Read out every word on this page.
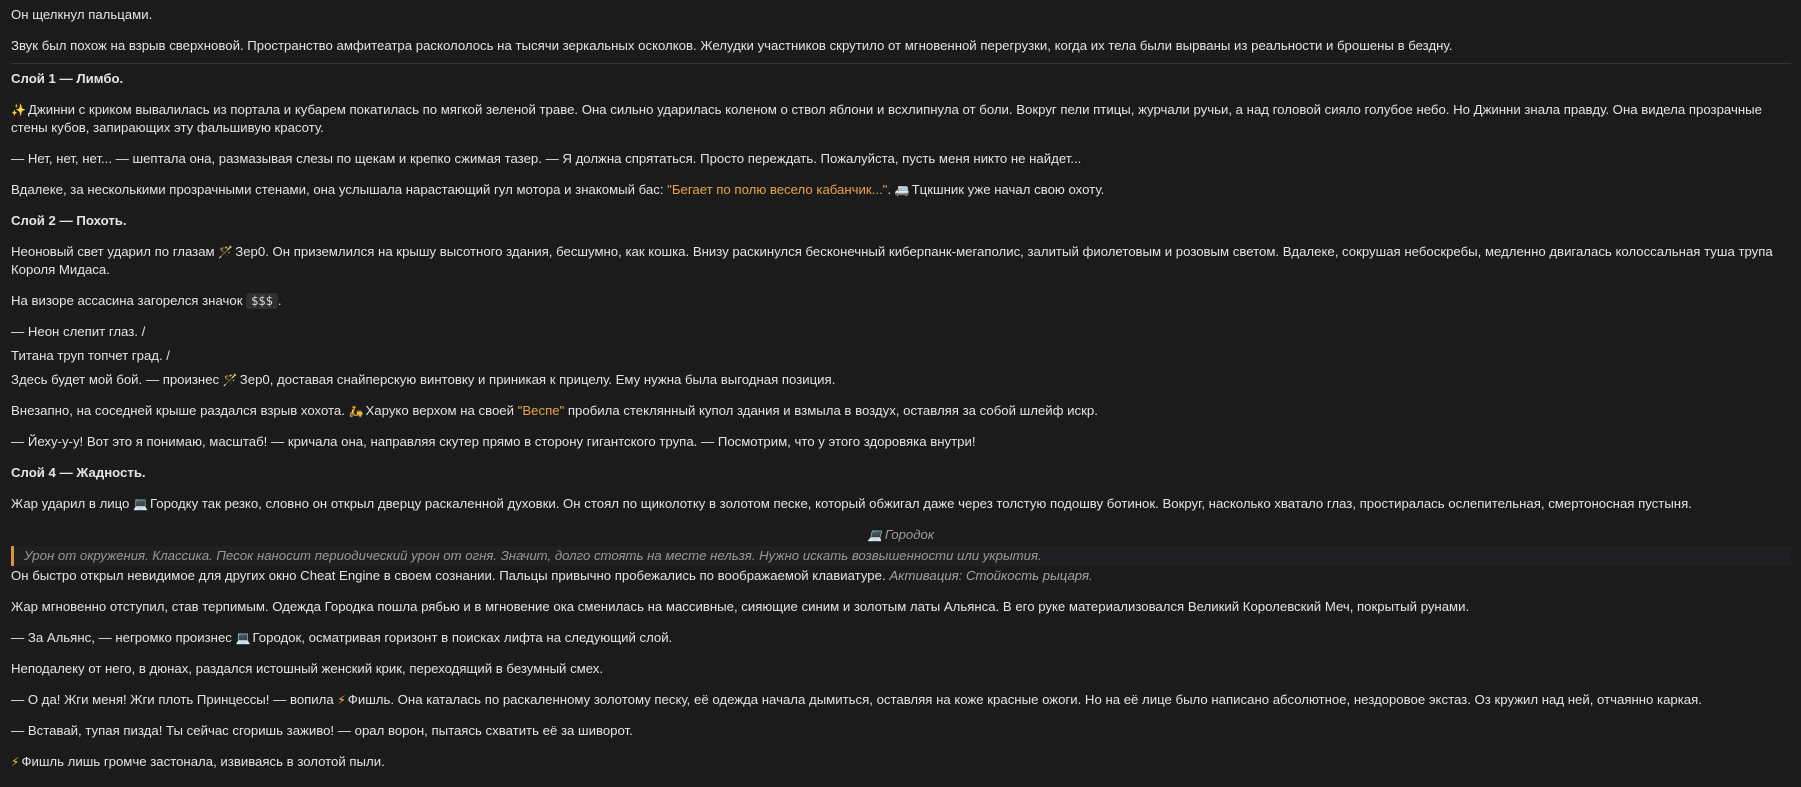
Он щелкнул пальцами.

Звук был похож на взрыв сверхновой. Пространство амфитеатра раскололось на тысячи зеркальных осколков. Желудки участников скрутило от мгновенной перегрузки, когда их тела были вырваны из реальности и брошены в бездну.

Слой 1 — Лимбо.

✨ Джинни с криком вывалилась из портала и кубарем покатилась по мягкой зеленой траве. Она сильно ударилась коленом о ствол яблони и всхлипнула от боли. Вокруг пели птицы, журчали ручьи, а над головой сияло голубое небо. Но Джинни знала правду. Она видела прозрачные стены кубов, запирающих эту фальшивую красоту.

— Нет, нет, нет... — шептала она, размазывая слезы по щекам и крепко сжимая тазер. — Я должна спрятаться. Просто переждать. Пожалуйста, пусть меня никто не найдет...

Вдалеке, за несколькими прозрачными стенами, она услышала нарастающий гул мотора и знакомый бас: "Бегает по полю весело кабанчик...". 🚐 Тцкшник уже начал свою охоту.

Слой 2 — Похоть.

Неоновый свет ударил по глазам 🪄 Зер0. Он приземлился на крышу высотного здания, бесшумно, как кошка. Внизу раскинулся бесконечный киберпанк-мегаполис, залитый фиолетовым и розовым светом. Вдалеке, сокрушая небоскребы, медленно двигалась колоссальная туша трупа Короля Мидаса.

На визоре ассасина загорелся значок $$$ .

— Неон слепит глаз. /

Титана труп топчет град. /

Здесь будет мой бой. — произнес 🪄 Зер0, доставая снайперскую винтовку и приникая к прицелу. Ему нужна была выгодная позиция.

Внезапно, на соседней крыше раздался взрыв хохота. 🛵 Харуко верхом на своей "Веспе" пробила стеклянный купол здания и взмыла в воздух, оставляя за собой шлейф искр.

— Йеху-у-у! Вот это я понимаю, масштаб! — кричала она, направляя скутер прямо в сторону гигантского трупа. — Посмотрим, что у этого здоровяка внутри!

Слой 4 — Жадность.

Жар ударил в лицо 💻 Городку так резко, словно он открыл дверцу раскаленной духовки. Он стоял по щиколотку в золотом песке, который обжигал даже через толстую подошву ботинок. Вокруг, насколько хватало глаз, простиралась ослепительная, смертоносная пустыня.

💻 Городок
Урон от окружения. Классика. Песок наносит периодический урон от огня. Значит, долго стоять на месте нельзя. Нужно искать возвышенности или укрытия.

Он быстро открыл невидимое для других окно Cheat Engine в своем сознании. Пальцы привычно пробежались по воображаемой клавиатуре. Активация: Стойкость рыцаря.

Жар мгновенно отступил, став терпимым. Одежда Городка пошла рябью и в мгновение ока сменилась на массивные, сияющие синим и золотым латы Альянса. В его руке материализовался Великий Королевский Меч, покрытый рунами.

— За Альянс, — негромко произнес 💻 Городок, осматривая горизонт в поисках лифта на следующий слой.

Неподалеку от него, в дюнах, раздался истошный женский крик, переходящий в безумный смех.

— О да! Жги меня! Жги плоть Принцессы! — вопила ⚡ Фишль. Она каталась по раскаленному золотому песку, её одежда начала дымиться, оставляя на коже красные ожоги. Но на её лице было написано абсолютное, нездоровое экстаз. Оз кружил над ней, отчаянно каркая.

— Вставай, тупая пизда! Ты сейчас сгоришь заживо! — орал ворон, пытаясь схватить её за шиворот.

⚡ Фишль лишь громче застонала, извиваясь в золотой пыли.
